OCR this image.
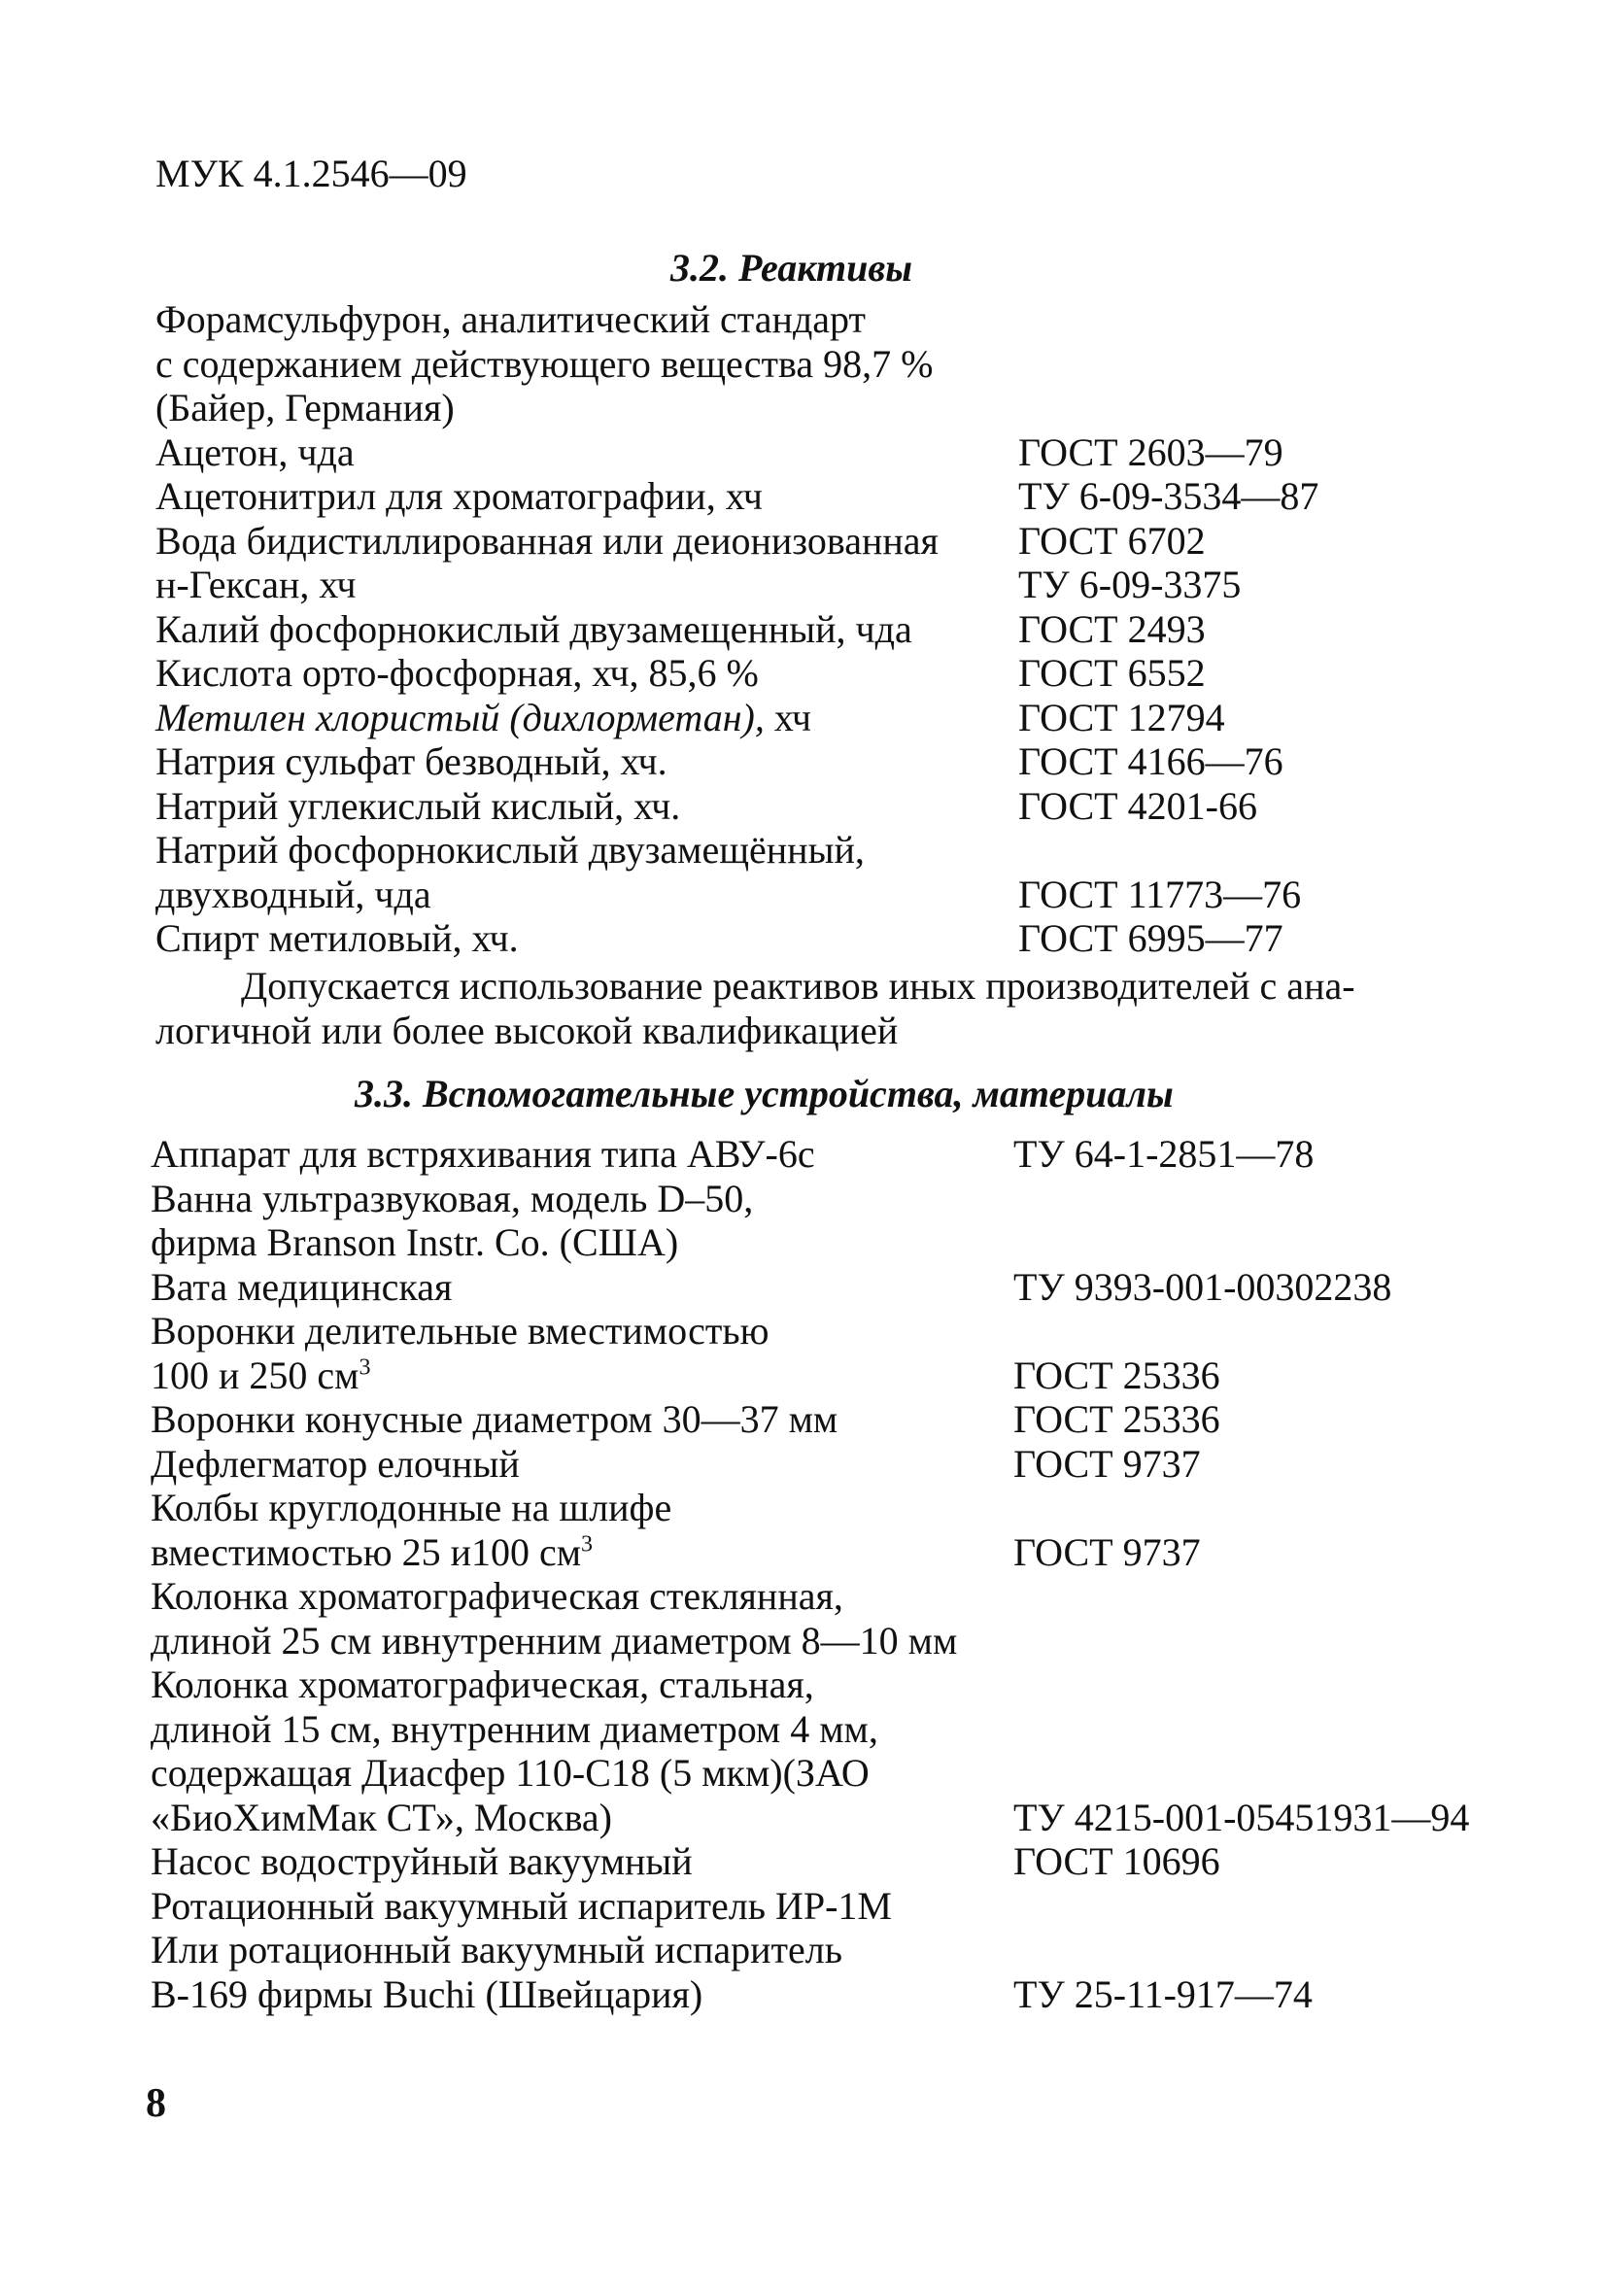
МУК 4.1.2546—09
3.2. Реактивы
Форамсульфурон, аналитический стандарт
с содержанием действующего вещества 98,7 %
(Байер, Германия)
Ацетон, чда	ГОСТ 2603—79
Ацетонитрил для хроматографии, хч	ТУ 6-09-3534—87
Вода бидистиллированная или деионизованная ГОСТ 6702
н-Гексан, хч	ТУ 6-09-3375
Калий фосфорнокислый двузамещенный, чда	ГОСТ 2493
Кислота орто-фосфорная, хч, 85,6 %	ГОСТ 6552
Метилен хлористый (дихлорметан), хч	ГОСТ 12794
Натрия сульфат безводный, хч.	ГОСТ 4166—76
Натрий углекислый кислый, хч.	ГОСТ 4201-66
Натрий фосфорнокислый двузамещённый,
двухводный, чда	ГОСТ 11773—76
Спирт метиловый, хч.	ГОСТ 6995—77
Допускается использование реактивов иных производителей с ана-
логичной или более высокой квалификацией
3.3. Вспомогательные устройства, материалы
Аппарат для встряхивания типа АВУ-6с	ТУ 64-1-2851—78
Ванна ультразвуковая, модель D–50,
фирма Branson Instr. Co. (США)
Вата медицинская	ТУ 9393-001-00302238
Воронки делительные вместимостью
100 и 250 $см^3$	ГОСТ 25336
Воронки конусные диаметром 30—37 мм	ГОСТ 25336
Дефлегматор елочный	ГОСТ 9737
Колбы круглодонные на шлифе
вместимостью 25 и100 $см^3$	ГОСТ 9737
Колонка хроматографическая стеклянная,
длиной 25 см ивнутренним диаметром 8—10 мм
Колонка хроматографическая, стальная,
длиной 15 см, внутренним диаметром 4 мм,
содержащая Диасфер 110-С18 (5 мкм)(ЗАО
«БиоХимМак СТ», Москва)	ТУ 4215-001-05451931—94
Насос водоструйный вакуумный	ГОСТ 10696
Ротационный вакуумный испаритель ИР-1М
Или ротационный вакуумный испаритель
В-169 фирмы Buchi (Швейцария)	ТУ 25-11-917—74
8
